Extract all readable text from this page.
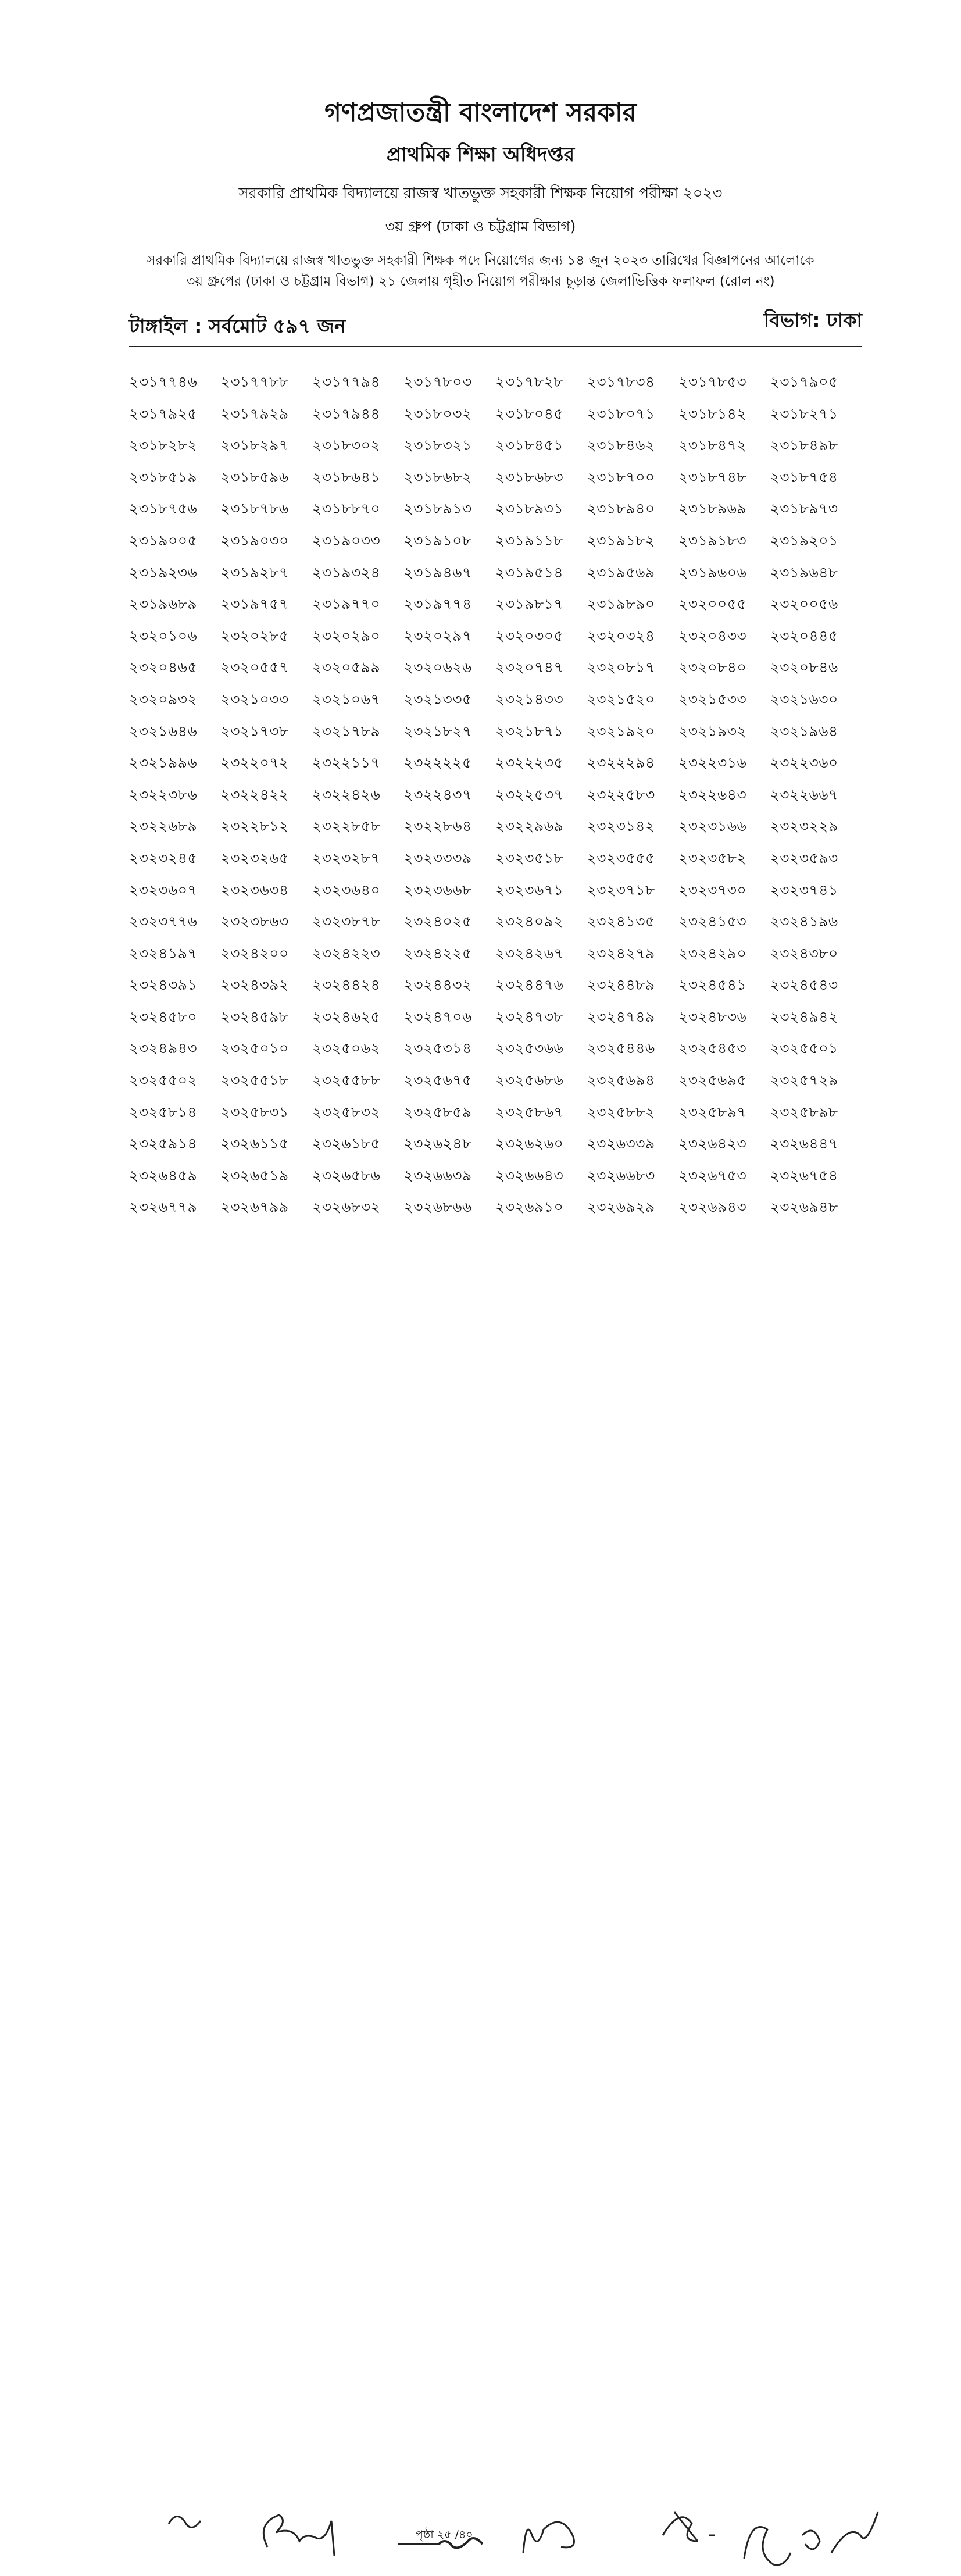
গণপ্রজাতন্ত্রী বাংলাদেশ সরকার
প্রাথমিক শিক্ষা অধিদপ্তর
সরকারি প্রাথমিক বিদ্যালয়ে রাজস্ব খাতভুক্ত সহকারী শিক্ষক নিয়োগ পরীক্ষা ২০২৩
৩য় গ্রুপ (ঢাকা ও চট্টগ্রাম বিভাগ)
সরকারি প্রাথমিক বিদ্যালয়ে রাজস্ব খাতভুক্ত সহকারী শিক্ষক পদে নিয়োগের জন্য ১৪ জুন ২০২৩ তারিখের বিজ্ঞাপনের আলোকে
৩য় গ্রুপের (ঢাকা ও চট্টগ্রাম বিভাগ) ২১ জেলায় গৃহীত নিয়োগ পরীক্ষার চূড়ান্ত জেলাভিত্তিক ফলাফল (রোল নং)
টাঙ্গাইল : সর্বমোট ৫৯৭ জন	বিভাগ: ঢাকা
২৩১৭৭৪৬	২৩১৭৭৮৮	২৩১৭৭৯৪	২৩১৭৮০৩	২৩১৭৮২৮	২৩১৭৮৩৪	২৩১৭৮৫৩	২৩১৭৯০৫
২৩১৭৯২৫	২৩১৭৯২৯	২৩১৭৯৪৪	২৩১৮০৩২	২৩১৮০৪৫	২৩১৮০৭১	২৩১৮১৪২	২৩১৮২৭১
২৩১৮২৮২	২৩১৮২৯৭	২৩১৮৩০২	২৩১৮৩২১	২৩১৮৪৫১	২৩১৮৪৬২	২৩১৮৪৭২	২৩১৮৪৯৮
২৩১৮৫১৯	২৩১৮৫৯৬	২৩১৮৬৪১	২৩১৮৬৮২	২৩১৮৬৮৩	২৩১৮৭০০	২৩১৮৭৪৮	২৩১৮৭৫৪
২৩১৮৭৫৬	২৩১৮৭৮৬	২৩১৮৮৭০	২৩১৮৯১৩	২৩১৮৯৩১	২৩১৮৯৪০	২৩১৮৯৬৯	২৩১৮৯৭৩
২৩১৯০০৫	২৩১৯০৩০	২৩১৯০৩৩	২৩১৯১০৮	২৩১৯১১৮	২৩১৯১৮২	২৩১৯১৮৩	২৩১৯২০১
২৩১৯২৩৬	২৩১৯২৮৭	২৩১৯৩২৪	২৩১৯৪৬৭	২৩১৯৫১৪	২৩১৯৫৬৯	২৩১৯৬০৬	২৩১৯৬৪৮
২৩১৯৬৮৯	২৩১৯৭৫৭	২৩১৯৭৭০	২৩১৯৭৭৪	২৩১৯৮১৭	২৩১৯৮৯০	২৩২০০৫৫	২৩২০০৫৬
২৩২০১০৬	২৩২০২৮৫	২৩২০২৯০	২৩২০২৯৭	২৩২০৩০৫	২৩২০৩২৪	২৩২০৪৩৩	২৩২০৪৪৫
২৩২০৪৬৫	২৩২০৫৫৭	২৩২০৫৯৯	২৩২০৬২৬	২৩২০৭৪৭	২৩২০৮১৭	২৩২০৮৪০	২৩২০৮৪৬
২৩২০৯৩২	২৩২১০৩৩	২৩২১০৬৭	২৩২১৩৩৫	২৩২১৪৩৩	২৩২১৫২০	২৩২১৫৩৩	২৩২১৬৩০
২৩২১৬৪৬	২৩২১৭৩৮	২৩২১৭৮৯	২৩২১৮২৭	২৩২১৮৭১	২৩২১৯২০	২৩২১৯৩২	২৩২১৯৬৪
২৩২১৯৯৬	২৩২২০৭২	২৩২২১১৭	২৩২২২২৫	২৩২২২৩৫	২৩২২২৯৪	২৩২২৩১৬	২৩২২৩৬০
২৩২২৩৮৬	২৩২২৪২২	২৩২২৪২৬	২৩২২৪৩৭	২৩২২৫৩৭	২৩২২৫৮৩	২৩২২৬৪৩	২৩২২৬৬৭
২৩২২৬৮৯	২৩২২৮১২	২৩২২৮৫৮	২৩২২৮৬৪	২৩২২৯৬৯	২৩২৩১৪২	২৩২৩১৬৬	২৩২৩২২৯
২৩২৩২৪৫	২৩২৩২৬৫	২৩২৩২৮৭	২৩২৩৩৩৯	২৩২৩৫১৮	২৩২৩৫৫৫	২৩২৩৫৮২	২৩২৩৫৯৩
২৩২৩৬০৭	২৩২৩৬৩৪	২৩২৩৬৪০	২৩২৩৬৬৮	২৩২৩৬৭১	২৩২৩৭১৮	২৩২৩৭৩০	২৩২৩৭৪১
২৩২৩৭৭৬	২৩২৩৮৬৩	২৩২৩৮৭৮	২৩২৪০২৫	২৩২৪০৯২	২৩২৪১৩৫	২৩২৪১৫৩	২৩২৪১৯৬
২৩২৪১৯৭	২৩২৪২০০	২৩২৪২২৩	২৩২৪২২৫	২৩২৪২৬৭	২৩২৪২৭৯	২৩২৪২৯০	২৩২৪৩৮০
২৩২৪৩৯১	২৩২৪৩৯২	২৩২৪৪২৪	২৩২৪৪৩২	২৩২৪৪৭৬	২৩২৪৪৮৯	২৩২৪৫৪১	২৩২৪৫৪৩
২৩২৪৫৮০	২৩২৪৫৯৮	২৩২৪৬২৫	২৩২৪৭০৬	২৩২৪৭৩৮	২৩২৪৭৪৯	২৩২৪৮৩৬	২৩২৪৯৪২
২৩২৪৯৪৩	২৩২৫০১০	২৩২৫০৬২	২৩২৫৩১৪	২৩২৫৩৬৬	২৩২৫৪৪৬	২৩২৫৪৫৩	২৩২৫৫০১
২৩২৫৫০২	২৩২৫৫১৮	২৩২৫৫৮৮	২৩২৫৬৭৫	২৩২৫৬৮৬	২৩২৫৬৯৪	২৩২৫৬৯৫	২৩২৫৭২৯
২৩২৫৮১৪	২৩২৫৮৩১	২৩২৫৮৩২	২৩২৫৮৫৯	২৩২৫৮৬৭	২৩২৫৮৮২	২৩২৫৮৯৭	২৩২৫৮৯৮
২৩২৫৯১৪	২৩২৬১১৫	২৩২৬১৮৫	২৩২৬২৪৮	২৩২৬২৬০	২৩২৬৩৩৯	২৩২৬৪২৩	২৩২৬৪৪৭
২৩২৬৪৫৯	২৩২৬৫১৯	২৩২৬৫৮৬	২৩২৬৬৩৯	২৩২৬৬৪৩	২৩২৬৬৮৩	২৩২৬৭৫৩	২৩২৬৭৫৪
২৩২৬৭৭৯	২৩২৬৭৯৯	২৩২৬৮৩২	২৩২৬৮৬৬	২৩২৬৯১০	২৩২৬৯২৯	২৩২৬৯৪৩	২৩২৬৯৪৮
পৃষ্ঠা ২৫ /৪০
